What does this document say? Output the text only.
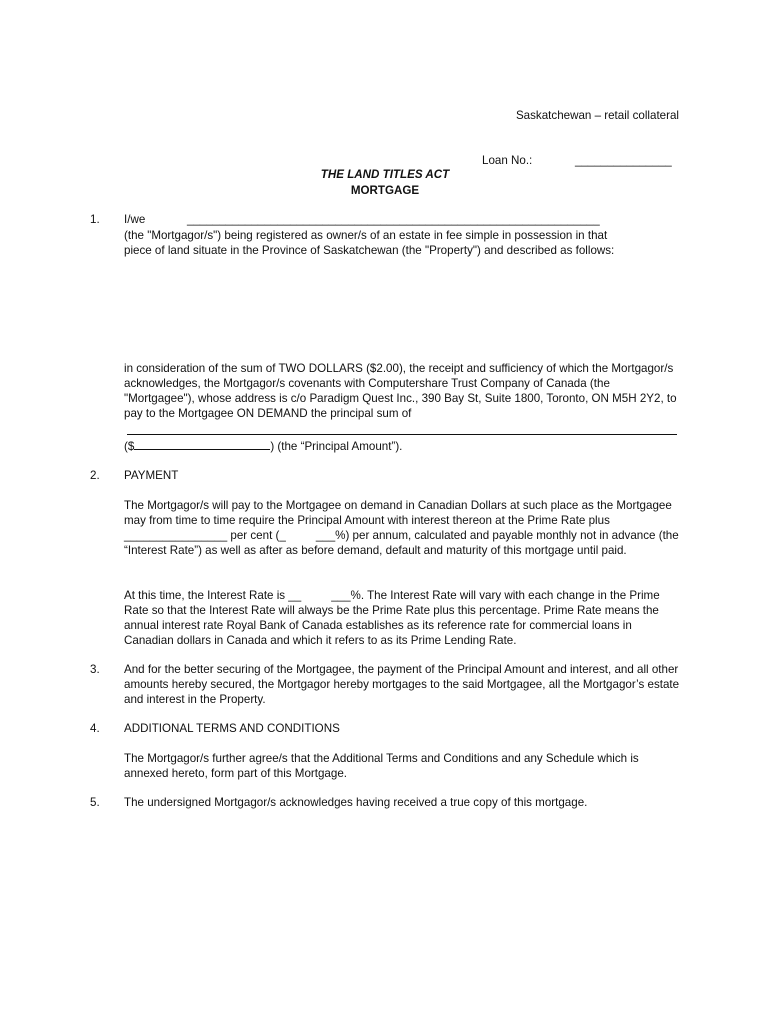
Saskatchewan – retail collateral
Loan No.:	_______________
THE LAND TITLES ACT
MORTGAGE
1. I/we	________________________________________________________________
(the "Mortgagor/s") being registered as owner/s of an estate in fee simple in possession in that
piece of land situate in the Province of Saskatchewan (the "Property") and described as follows:
in consideration of the sum of TWO DOLLARS ($2.00), the receipt and sufficiency of which the Mortgagor/s acknowledges, the Mortgagor/s covenants with Computershare Trust Company of Canada (the "Mortgagee"), whose address is c/o Paradigm Quest Inc., 390 Bay St, Suite 1800, Toronto, ON M5H 2Y2, to pay to the Mortgagee ON DEMAND the principal sum of
($	) (the “Principal Amount”).
2. PAYMENT
The Mortgagor/s will pay to the Mortgagee on demand in Canadian Dollars at such place as the Mortgagee may from time to time require the Principal Amount with interest thereon at the Prime Rate plus ________________ per cent (_	___%) per annum, calculated and payable monthly not in advance (the “Interest Rate”) as well as after as before demand, default and maturity of this mortgage until paid.
At this time, the Interest Rate is __	___%. The Interest Rate will vary with each change in the Prime Rate so that the Interest Rate will always be the Prime Rate plus this percentage. Prime Rate means the annual interest rate Royal Bank of Canada establishes as its reference rate for commercial loans in Canadian dollars in Canada and which it refers to as its Prime Lending Rate.
3. And for the better securing of the Mortgagee, the payment of the Principal Amount and interest, and all other amounts hereby secured, the Mortgagor hereby mortgages to the said Mortgagee, all the Mortgagor’s estate and interest in the Property.
4. ADDITIONAL TERMS AND CONDITIONS
The Mortgagor/s further agree/s that the Additional Terms and Conditions and any Schedule which is annexed hereto, form part of this Mortgage.
5. The undersigned Mortgagor/s acknowledges having received a true copy of this mortgage.
